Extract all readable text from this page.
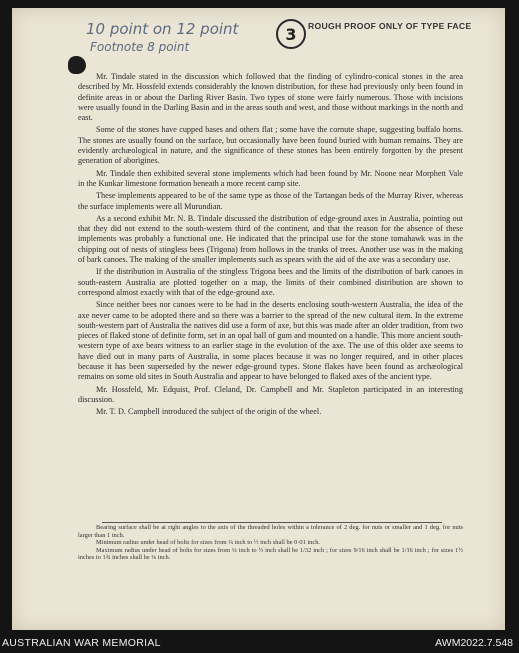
10 point on 12 point
Footnote 8 point
3	ROUGH PROOF ONLY OF TYPE FACE

Mr. Tindale stated in the discussion which followed that the finding of cylindro-conical stones in the area described by Mr. Hossfeld extends considerably the known distribution, for these had previously only been found in definite areas in or about the Darling River Basin. Two types of stone were fairly numerous. Those with incisions were usually found in the Darling Basin and in the areas south and west, and those without markings in the north and east.

Some of the stones have cupped bases and others flat ; some have the cornute shape, suggesting buffalo horns. The stones are usually found on the surface, but occasionally have been found buried with human remains. They are evidently archæological in nature, and the significance of these stones has been entirely forgotten by the present generation of aborigines.

Mr. Tindale then exhibited several stone implements which had been found by Mr. Noone near Morphett Vale in the Kunkar limestone formation beneath a more recent camp site.

These implements appeared to be of the same type as those of the Tartangan beds of the Murray River, whereas the surface implements were all Murundian.

As a second exhibit Mr. N. B. Tindale discussed the distribution of edge-ground axes in Australia, pointing out that they did not extend to the south-western third of the continent, and that the reason for the absence of these implements was probably a functional one. He indicated that the principal use for the stone tomahawk was in the chipping out of nests of stingless bees (Trigona) from hollows in the trunks of trees. Another use was in the making of bark canoes. The making of the smaller implements such as spears with the aid of the axe was a secondary use.

If the distribution in Australia of the stingless Trigona bees and the limits of the distribution of bark canoes in south-eastern Australia are plotted together on a map, the limits of their combined distribution are shown to correspond almost exactly with that of the edge-ground axe.

Since neither bees nor canoes were to be had in the deserts enclosing south-western Australia, the idea of the axe never came to be adopted there and so there was a barrier to the spread of the new cultural item. In the extreme south-western part of Australia the natives did use a form of axe, but this was made after an older tradition, from two pieces of flaked stone of definite form, set in an opal ball of gum and mounted on a handle. This more ancient south-western type of axe bears witness to an earlier stage in the evolution of the axe. The use of this older axe seems to have died out in many parts of Australia, in some places because it was no longer required, and in other places because it has been superseded by the newer edge-ground types. Stone flakes have been found as archæological remains on some old sites in South Australia and appear to have belonged to flaked axes of the ancient type.

Mr. Hossfeld, Mr. Edquist, Prof. Cleland, Dr. Campbell and Mr. Stapleton participated in an interesting discussion.

Mr. T. D. Campbell introduced the subject of the origin of the wheel.

Bearing surface shall be at right angles to the axis of the threaded holes within a tolerance of 2 deg. for nuts or smaller and 1 deg. for nuts larger than 1 inch.

Minimum radius under head of bolts for sizes from ¼ inch to ½ inch shall be 0·01 inch.

Maximum radius under head of bolts for sizes from ¼ inch to ½ inch shall be 1/32 inch ; for sizes 9/16 inch shall be 1/16 inch ; for sizes 1½ inches to 1¾ inches shall be ⅛ inch.

AUSTRALIAN WAR MEMORIAL	AWM2022.7.548
